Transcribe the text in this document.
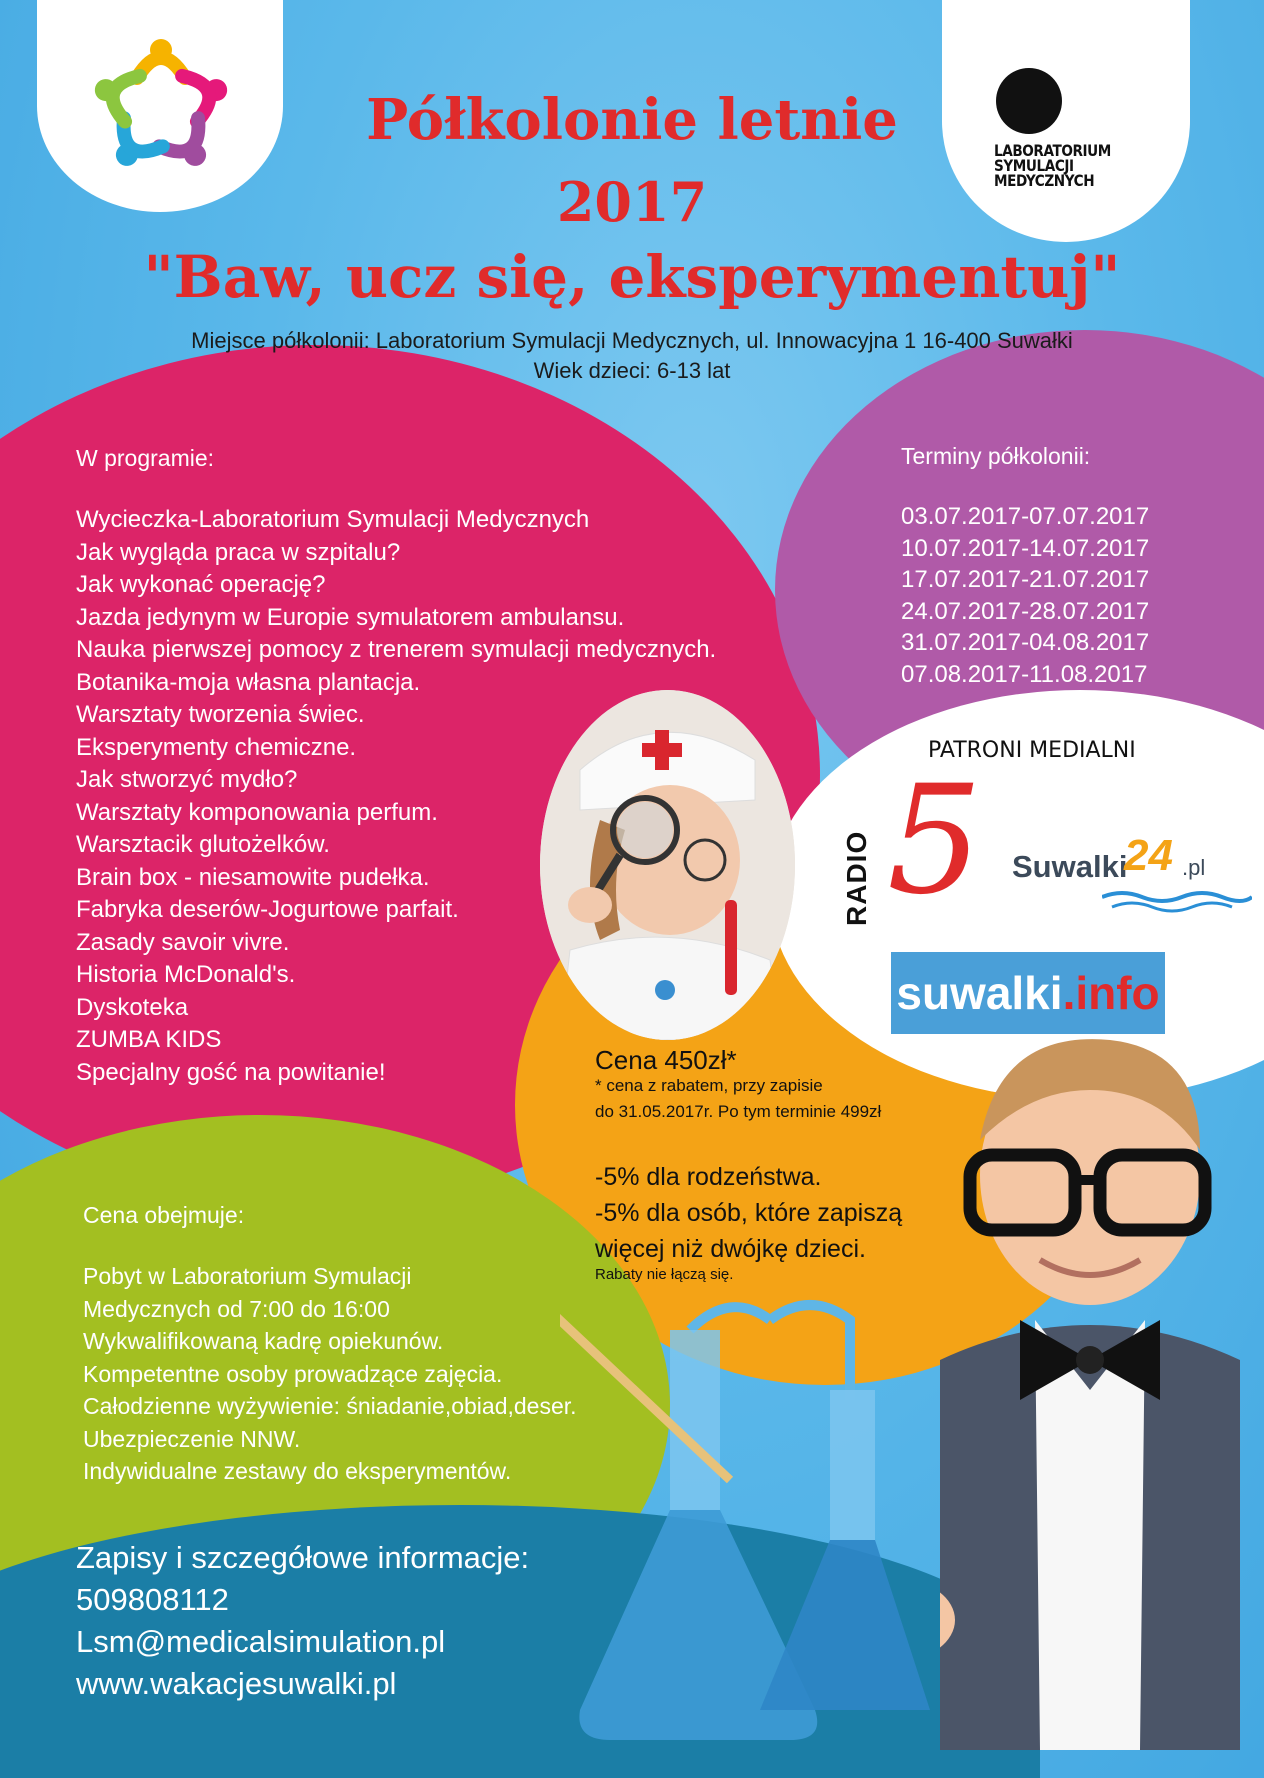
LABORATORIUM
SYMULACJI
MEDYCZNYCH
Półkolonie letnie
2017
"Baw, ucz się, eksperymentuj"
Miejsce półkolonii: Laboratorium Symulacji Medycznych, ul. Innowacyjna 1 16-400 Suwałki
Wiek dzieci: 6-13 lat
W programie:
Wycieczka-Laboratorium Symulacji Medycznych
Jak wygląda praca w szpitalu?
Jak wykonać operację?
Jazda jedynym w Europie symulatorem ambulansu.
Nauka pierwszej pomocy z trenerem symulacji medycznych.
Botanika-moja własna plantacja.
Warsztaty tworzenia świec.
Eksperymenty chemiczne.
Jak stworzyć mydło?
Warsztaty komponowania perfum.
Warsztacik glutożelków.
Brain box - niesamowite pudełka.
Fabryka deserów-Jogurtowe parfait.
Zasady savoir vivre.
Historia McDonald's.
Dyskoteka
ZUMBA KIDS
Specjalny gość na powitanie!
Terminy półkolonii:
03.07.2017-07.07.2017
10.07.2017-14.07.2017
17.07.2017-21.07.2017
24.07.2017-28.07.2017
31.07.2017-04.08.2017
07.08.2017-11.08.2017
PATRONI MEDIALNI
RADIO 5 Suwalki
24 .pl
suwalki.info
Cena 450zł*
* cena z rabatem, przy zapisie
do 31.05.2017r. Po tym terminie 499zł
-5% dla rodzeństwa.
-5% dla osób, które zapiszą
więcej niż dwójkę dzieci.
Rabaty nie łączą się.
Cena obejmuje:
Pobyt w Laboratorium Symulacji
Medycznych od 7:00 do 16:00
Wykwalifikowaną kadrę opiekunów.
Kompetentne osoby prowadzące zajęcia.
Całodzienne wyżywienie: śniadanie,obiad,deser.
Ubezpieczenie NNW.
Indywidualne zestawy do eksperymentów.
Zapisy i szczegółowe informacje:
509808112
Lsm@medicalsimulation.pl
www.wakacjesuwalki.pl
